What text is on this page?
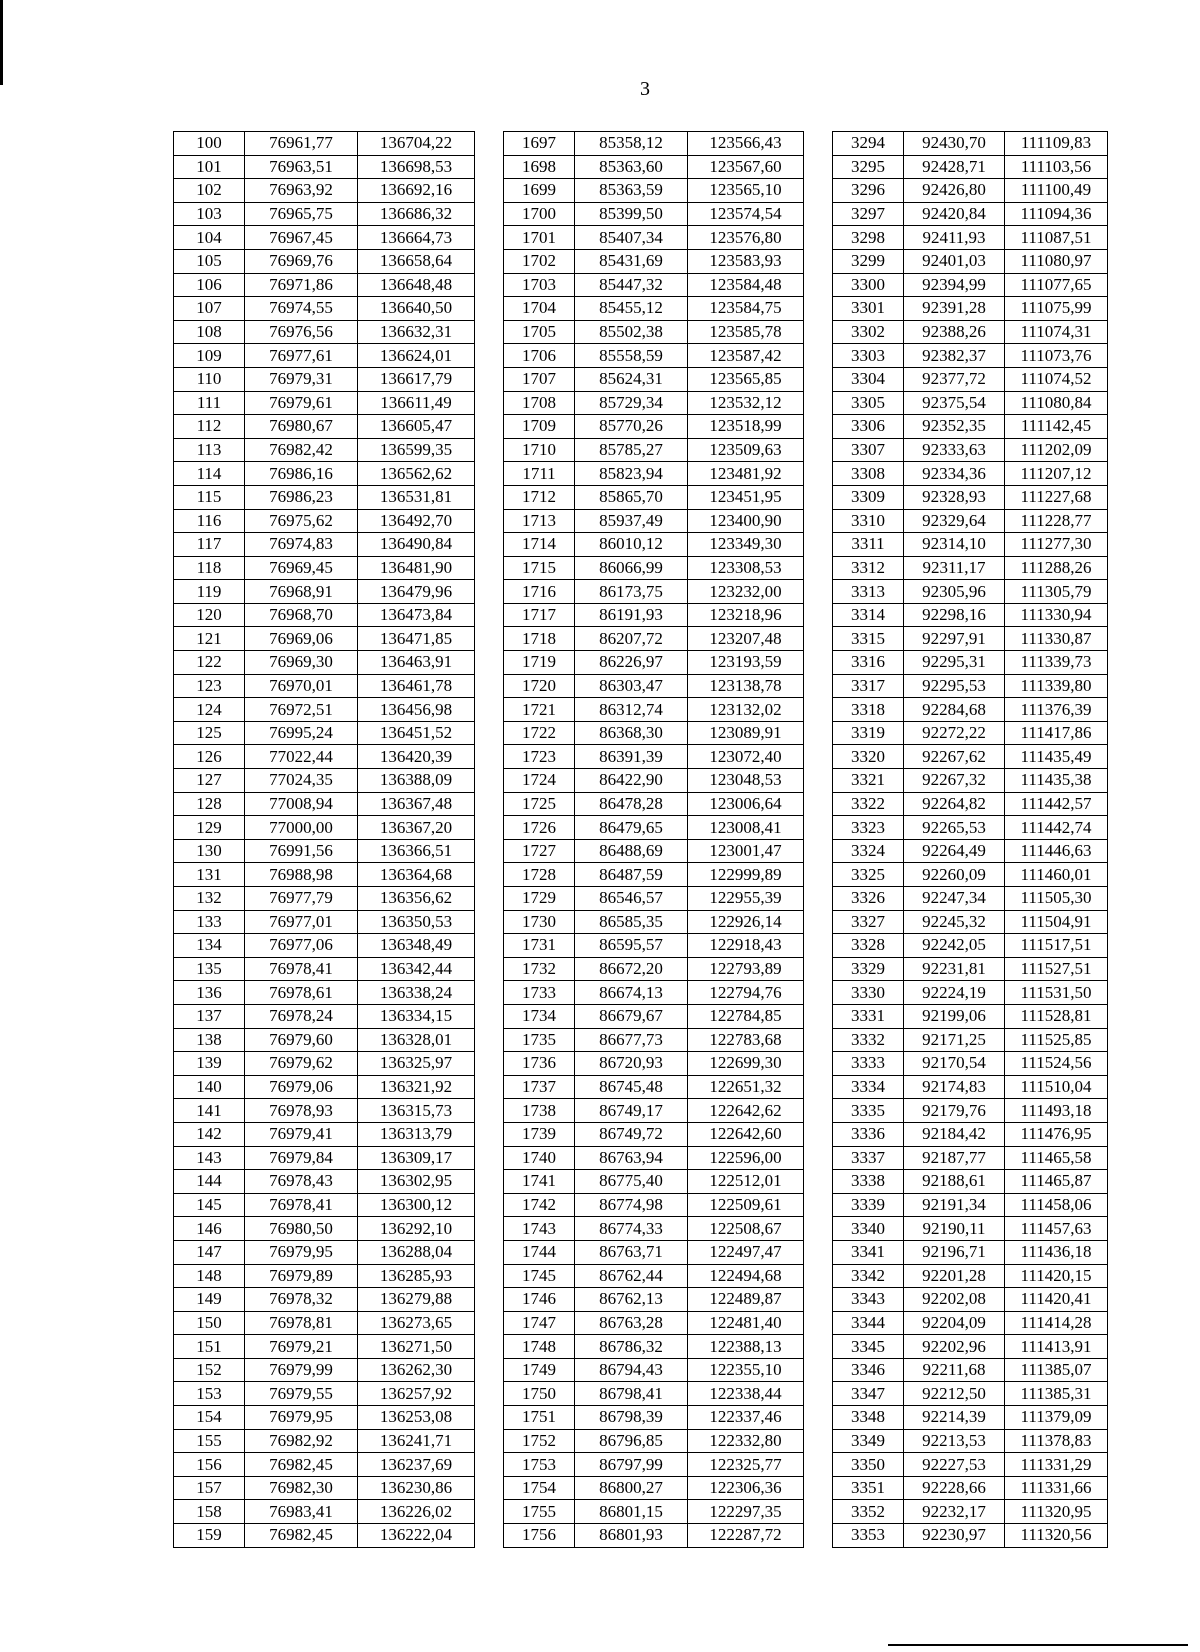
3
100	76961,77	136704,22		1697	85358,12	123566,43		3294	92430,70	111109,83
101	76963,51	136698,53		1698	85363,60	123567,60		3295	92428,71	111103,56
102	76963,92	136692,16		1699	85363,59	123565,10		3296	92426,80	111100,49
103	76965,75	136686,32		1700	85399,50	123574,54		3297	92420,84	111094,36
104	76967,45	136664,73		1701	85407,34	123576,80		3298	92411,93	111087,51
105	76969,76	136658,64		1702	85431,69	123583,93		3299	92401,03	111080,97
106	76971,86	136648,48		1703	85447,32	123584,48		3300	92394,99	111077,65
107	76974,55	136640,50		1704	85455,12	123584,75		3301	92391,28	111075,99
108	76976,56	136632,31		1705	85502,38	123585,78		3302	92388,26	111074,31
109	76977,61	136624,01		1706	85558,59	123587,42		3303	92382,37	111073,76
110	76979,31	136617,79		1707	85624,31	123565,85		3304	92377,72	111074,52
111	76979,61	136611,49		1708	85729,34	123532,12		3305	92375,54	111080,84
112	76980,67	136605,47		1709	85770,26	123518,99		3306	92352,35	111142,45
113	76982,42	136599,35		1710	85785,27	123509,63		3307	92333,63	111202,09
114	76986,16	136562,62		1711	85823,94	123481,92		3308	92334,36	111207,12
115	76986,23	136531,81		1712	85865,70	123451,95		3309	92328,93	111227,68
116	76975,62	136492,70		1713	85937,49	123400,90		3310	92329,64	111228,77
117	76974,83	136490,84		1714	86010,12	123349,30		3311	92314,10	111277,30
118	76969,45	136481,90		1715	86066,99	123308,53		3312	92311,17	111288,26
119	76968,91	136479,96		1716	86173,75	123232,00		3313	92305,96	111305,79
120	76968,70	136473,84		1717	86191,93	123218,96		3314	92298,16	111330,94
121	76969,06	136471,85		1718	86207,72	123207,48		3315	92297,91	111330,87
122	76969,30	136463,91		1719	86226,97	123193,59		3316	92295,31	111339,73
123	76970,01	136461,78		1720	86303,47	123138,78		3317	92295,53	111339,80
124	76972,51	136456,98		1721	86312,74	123132,02		3318	92284,68	111376,39
125	76995,24	136451,52		1722	86368,30	123089,91		3319	92272,22	111417,86
126	77022,44	136420,39		1723	86391,39	123072,40		3320	92267,62	111435,49
127	77024,35	136388,09		1724	86422,90	123048,53		3321	92267,32	111435,38
128	77008,94	136367,48		1725	86478,28	123006,64		3322	92264,82	111442,57
129	77000,00	136367,20		1726	86479,65	123008,41		3323	92265,53	111442,74
130	76991,56	136366,51		1727	86488,69	123001,47		3324	92264,49	111446,63
131	76988,98	136364,68		1728	86487,59	122999,89		3325	92260,09	111460,01
132	76977,79	136356,62		1729	86546,57	122955,39		3326	92247,34	111505,30
133	76977,01	136350,53		1730	86585,35	122926,14		3327	92245,32	111504,91
134	76977,06	136348,49		1731	86595,57	122918,43		3328	92242,05	111517,51
135	76978,41	136342,44		1732	86672,20	122793,89		3329	92231,81	111527,51
136	76978,61	136338,24		1733	86674,13	122794,76		3330	92224,19	111531,50
137	76978,24	136334,15		1734	86679,67	122784,85		3331	92199,06	111528,81
138	76979,60	136328,01		1735	86677,73	122783,68		3332	92171,25	111525,85
139	76979,62	136325,97		1736	86720,93	122699,30		3333	92170,54	111524,56
140	76979,06	136321,92		1737	86745,48	122651,32		3334	92174,83	111510,04
141	76978,93	136315,73		1738	86749,17	122642,62		3335	92179,76	111493,18
142	76979,41	136313,79		1739	86749,72	122642,60		3336	92184,42	111476,95
143	76979,84	136309,17		1740	86763,94	122596,00		3337	92187,77	111465,58
144	76978,43	136302,95		1741	86775,40	122512,01		3338	92188,61	111465,87
145	76978,41	136300,12		1742	86774,98	122509,61		3339	92191,34	111458,06
146	76980,50	136292,10		1743	86774,33	122508,67		3340	92190,11	111457,63
147	76979,95	136288,04		1744	86763,71	122497,47		3341	92196,71	111436,18
148	76979,89	136285,93		1745	86762,44	122494,68		3342	92201,28	111420,15
149	76978,32	136279,88		1746	86762,13	122489,87		3343	92202,08	111420,41
150	76978,81	136273,65		1747	86763,28	122481,40		3344	92204,09	111414,28
151	76979,21	136271,50		1748	86786,32	122388,13		3345	92202,96	111413,91
152	76979,99	136262,30		1749	86794,43	122355,10		3346	92211,68	111385,07
153	76979,55	136257,92		1750	86798,41	122338,44		3347	92212,50	111385,31
154	76979,95	136253,08		1751	86798,39	122337,46		3348	92214,39	111379,09
155	76982,92	136241,71		1752	86796,85	122332,80		3349	92213,53	111378,83
156	76982,45	136237,69		1753	86797,99	122325,77		3350	92227,53	111331,29
157	76982,30	136230,86		1754	86800,27	122306,36		3351	92228,66	111331,66
158	76983,41	136226,02		1755	86801,15	122297,35		3352	92232,17	111320,95
159	76982,45	136222,04		1756	86801,93	122287,72		3353	92230,97	111320,56
